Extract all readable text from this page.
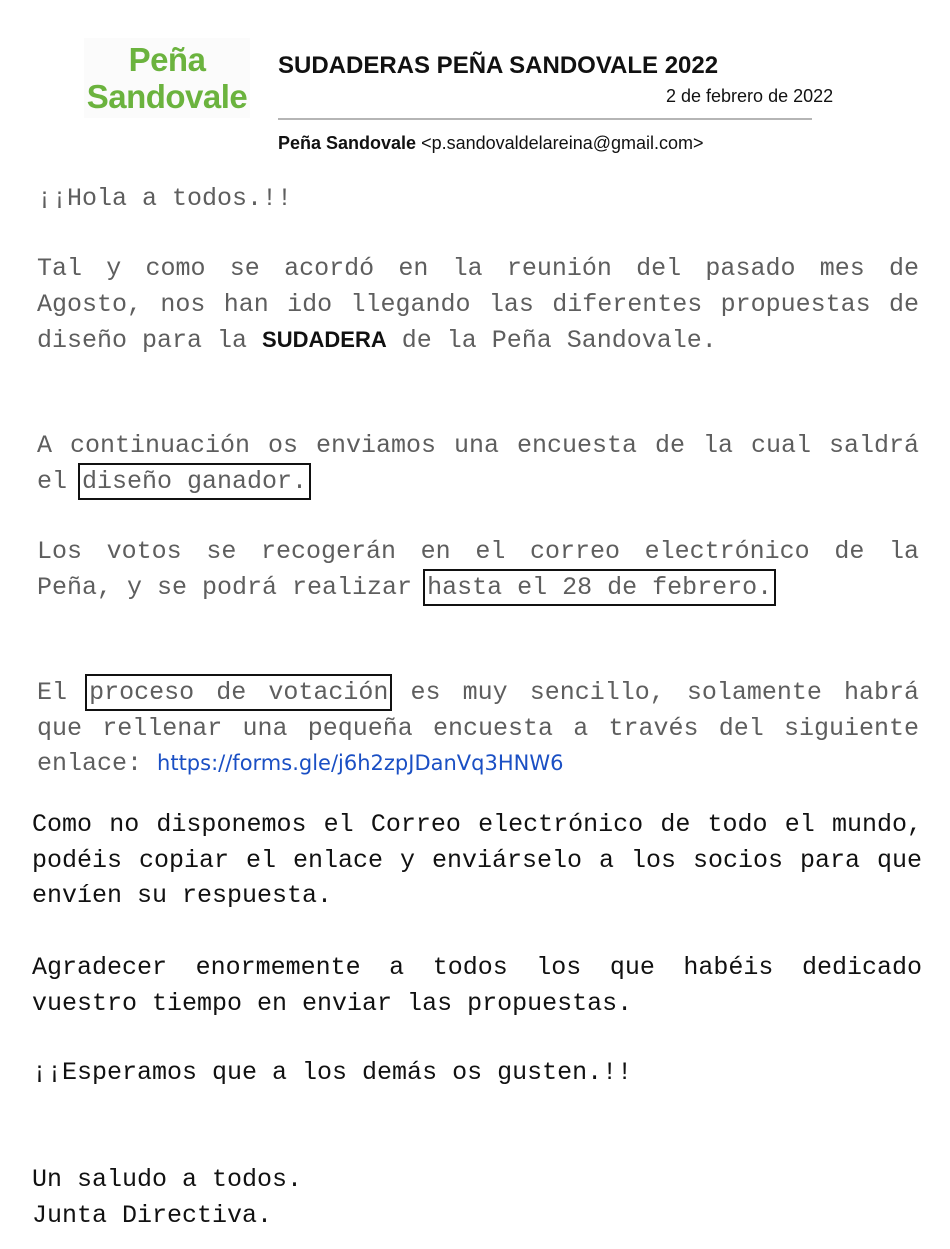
Peña
Sandovale
SUDADERAS PEÑA SANDOVALE 2022
2 de febrero de 2022
Peña Sandovale <p.sandovaldelareina@gmail.com>

¡¡Hola a todos.!!

Tal y como se acordó en la reunión del pasado mes de Agosto, nos han ido llegando las diferentes propuestas de diseño para la SUDADERA de la Peña Sandovale.

A continuación os enviamos una encuesta de la cual saldrá el diseño ganador.

Los votos se recogerán en el correo electrónico de la Peña, y se podrá realizar hasta el 28 de febrero.

El proceso de votación es muy sencillo, solamente habrá que rellenar una pequeña encuesta a través del siguiente enlace: https://forms.gle/j6h2zpJDanVq3HNW6

Como no disponemos el Correo electrónico de todo el mundo, podéis copiar el enlace y enviárselo a los socios para que envíen su respuesta.

Agradecer enormemente a todos los que habéis dedicado vuestro tiempo en enviar las propuestas.

¡¡Esperamos que a los demás os gusten.!!

Un saludo a todos.
Junta Directiva.
